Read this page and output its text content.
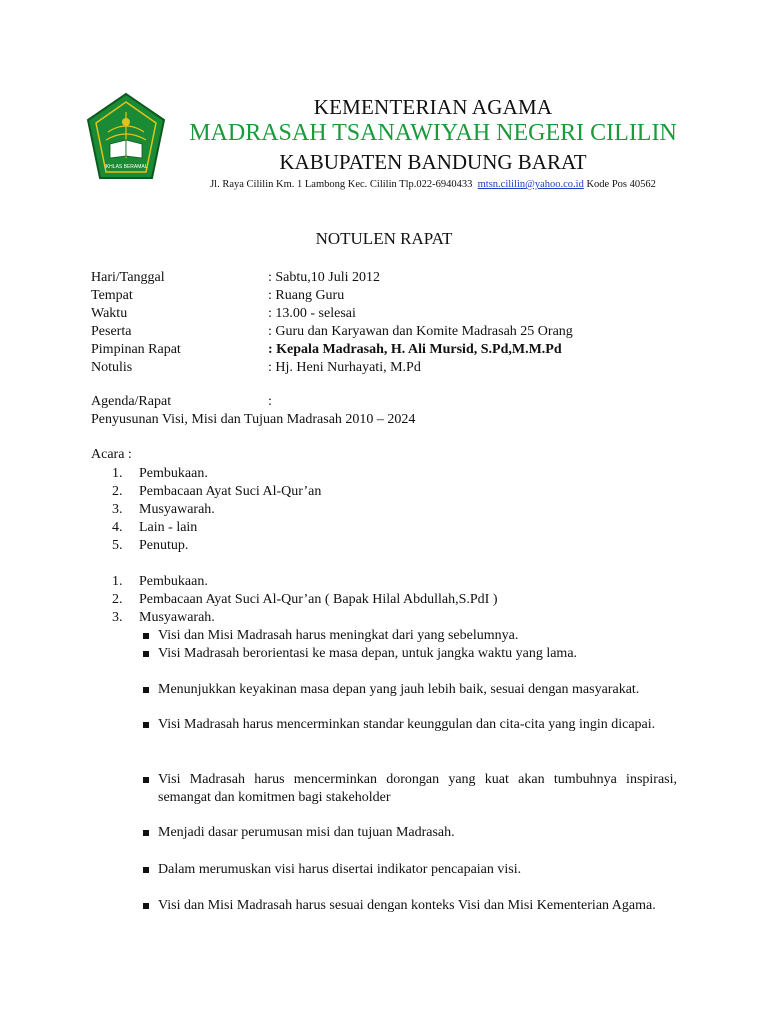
IKHLAS BERAMAL
KEMENTERIAN AGAMA
MADRASAH TSANAWIYAH NEGERI CILILIN
KABUPATEN BANDUNG BARAT
Jl. Raya Cililin Km. 1 Lambong Kec. Cililin Tlp.022-6940433 mtsn.cililin@yahoo.co.id Kode Pos 40562
NOTULEN RAPAT
Hari/Tanggal	: Sabtu,10 Juli 2012
Tempat	: Ruang Guru
Waktu	: 13.00 - selesai
Peserta	: Guru dan Karyawan dan Komite Madrasah 25 Orang
Pimpinan Rapat	: Kepala Madrasah, H. Ali Mursid, S.Pd,M.M.Pd
Notulis	: Hj. Heni Nurhayati, M.Pd
Agenda/Rapat	:
Penyusunan Visi, Misi dan Tujuan Madrasah 2010 – 2024
Acara :
1.	Pembukaan.
2.	Pembacaan Ayat Suci Al-Qur’an
3.	Musyawarah.
4.	Lain - lain
5.	Penutup.
1.	Pembukaan.
2.	Pembacaan Ayat Suci Al-Qur’an ( Bapak Hilal Abdullah,S.PdI )
3.	Musyawarah.
Visi dan Misi Madrasah harus meningkat dari yang sebelumnya.
Visi Madrasah berorientasi ke masa depan, untuk jangka waktu yang lama.
Menunjukkan keyakinan masa depan yang jauh lebih baik, sesuai dengan masyarakat.
Visi Madrasah harus mencerminkan standar keunggulan dan cita-cita yang ingin dicapai.
Visi Madrasah harus mencerminkan dorongan yang kuat akan tumbuhnya inspirasi, semangat dan komitmen bagi stakeholder
Menjadi dasar perumusan misi dan tujuan Madrasah.
Dalam merumuskan visi harus disertai indikator pencapaian visi.
Visi dan Misi Madrasah harus sesuai dengan konteks Visi dan Misi Kementerian Agama.
